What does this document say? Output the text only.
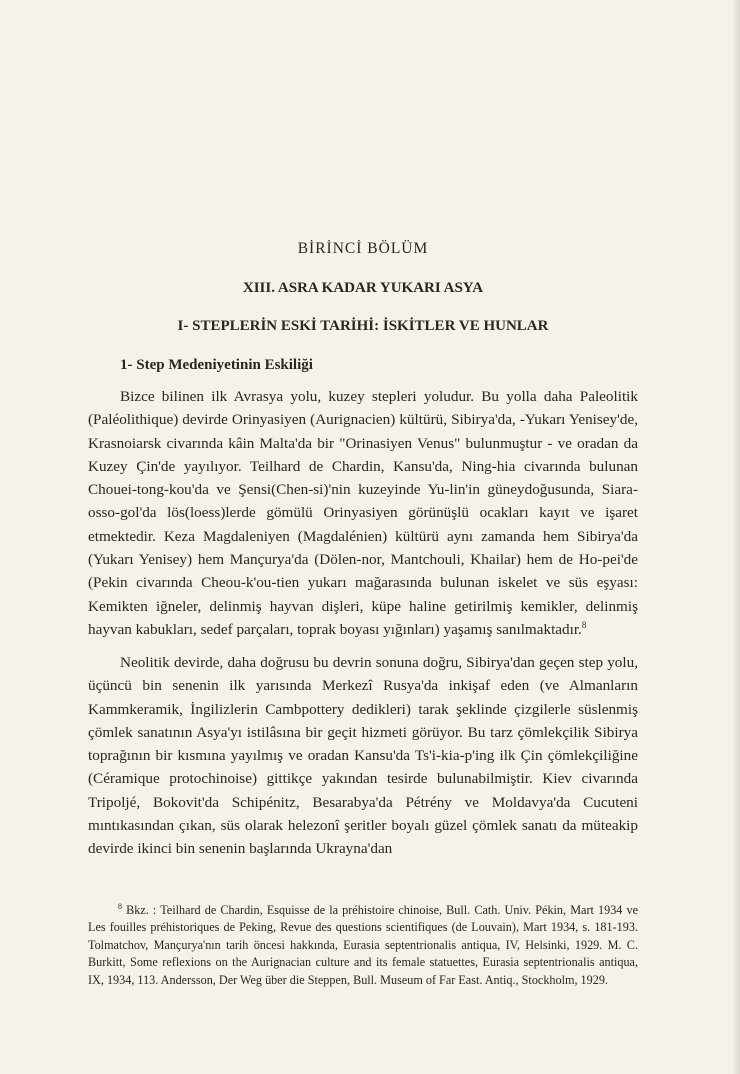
BİRİNCİ BÖLÜM
XIII. ASRA KADAR YUKARI ASYA
I- STEPLERİN ESKİ TARİHİ: İSKİTLER VE HUNLAR
1- Step Medeniyetinin Eskiliği

Bizce bilinen ilk Avrasya yolu, kuzey stepleri yoludur. Bu yolla daha Paleolitik (Paléolithique) devirde Orinyasiyen (Aurignacien) kültürü, Sibirya'da, -Yukarı Yenisey'de, Krasnoiarsk civarında kâin Malta'da bir "Orinasiyen Venus" bulunmuştur - ve oradan da Kuzey Çin'de yayılıyor. Teilhard de Chardin, Kansu'da, Ning-hia civarında bulunan Chouei-tong-kou'da ve Şensi(Chen-si)'nin kuzeyinde Yu-lin'in güneydoğusunda, Siara-osso-gol'da lös(loess)lerde gömülü Orinyasiyen görünüşlü ocakları kayıt ve işaret etmektedir. Keza Magdaleniyen (Magdalénien) kültürü aynı zamanda hem Sibirya'da (Yukarı Yenisey) hem Mançurya'da (Dölen-nor, Mantchouli, Khailar) hem de Ho-pei'de (Pekin civarında Cheou-k'ou-tien yukarı mağarasında bulunan iskelet ve süs eşyası: Kemikten iğneler, delinmiş hayvan dişleri, küpe haline getirilmiş kemikler, delinmiş hayvan kabukları, sedef parçaları, toprak boyası yığınları) yaşamış sanılmaktadır.$^8$

Neolitik devirde, daha doğrusu bu devrin sonuna doğru, Sibirya'dan geçen step yolu, üçüncü bin senenin ilk yarısında Merkezî Rusya'da inkişaf eden (ve Almanların Kammkeramik, İngilizlerin Cambpottery dedikleri) tarak şeklinde çizgilerle süslenmiş çömlek sanatının Asya'yı istilâsına bir geçit hizmeti görüyor. Bu tarz çömlekçilik Sibirya toprağının bir kısmına yayılmış ve oradan Kansu'da Ts'i-kia-p'ing ilk Çin çömlekçiliğine (Céramique protochinoise) gittikçe yakından tesirde bulunabilmiştir. Kiev civarında Tripoljé, Bokovit'da Schipénitz, Besarabya'da Pétrény ve Moldavya'da Cucuteni mıntıkasından çıkan, süs olarak helezonî şeritler boyalı güzel çömlek sanatı da müteakip devirde ikinci bin senenin başlarında Ukrayna'dan

$^8$ Bkz. : Teilhard de Chardin, Esquisse de la préhistoire chinoise, Bull. Cath. Univ. Pékin, Mart 1934 ve Les fouilles préhistoriques de Peking, Revue des questions scientifiques (de Louvain), Mart 1934, s. 181-193. Tolmatchov, Mançurya'nın tarih öncesi hakkında, Eurasia septentrionalis antiqua, IV, Helsinki, 1929. M. C. Burkitt, Some reflexions on the Aurignacian culture and its female statuettes, Eurasia septentrionalis antiqua, IX, 1934, 113. Andersson, Der Weg über die Steppen, Bull. Museum of Far East. Antiq., Stockholm, 1929.
